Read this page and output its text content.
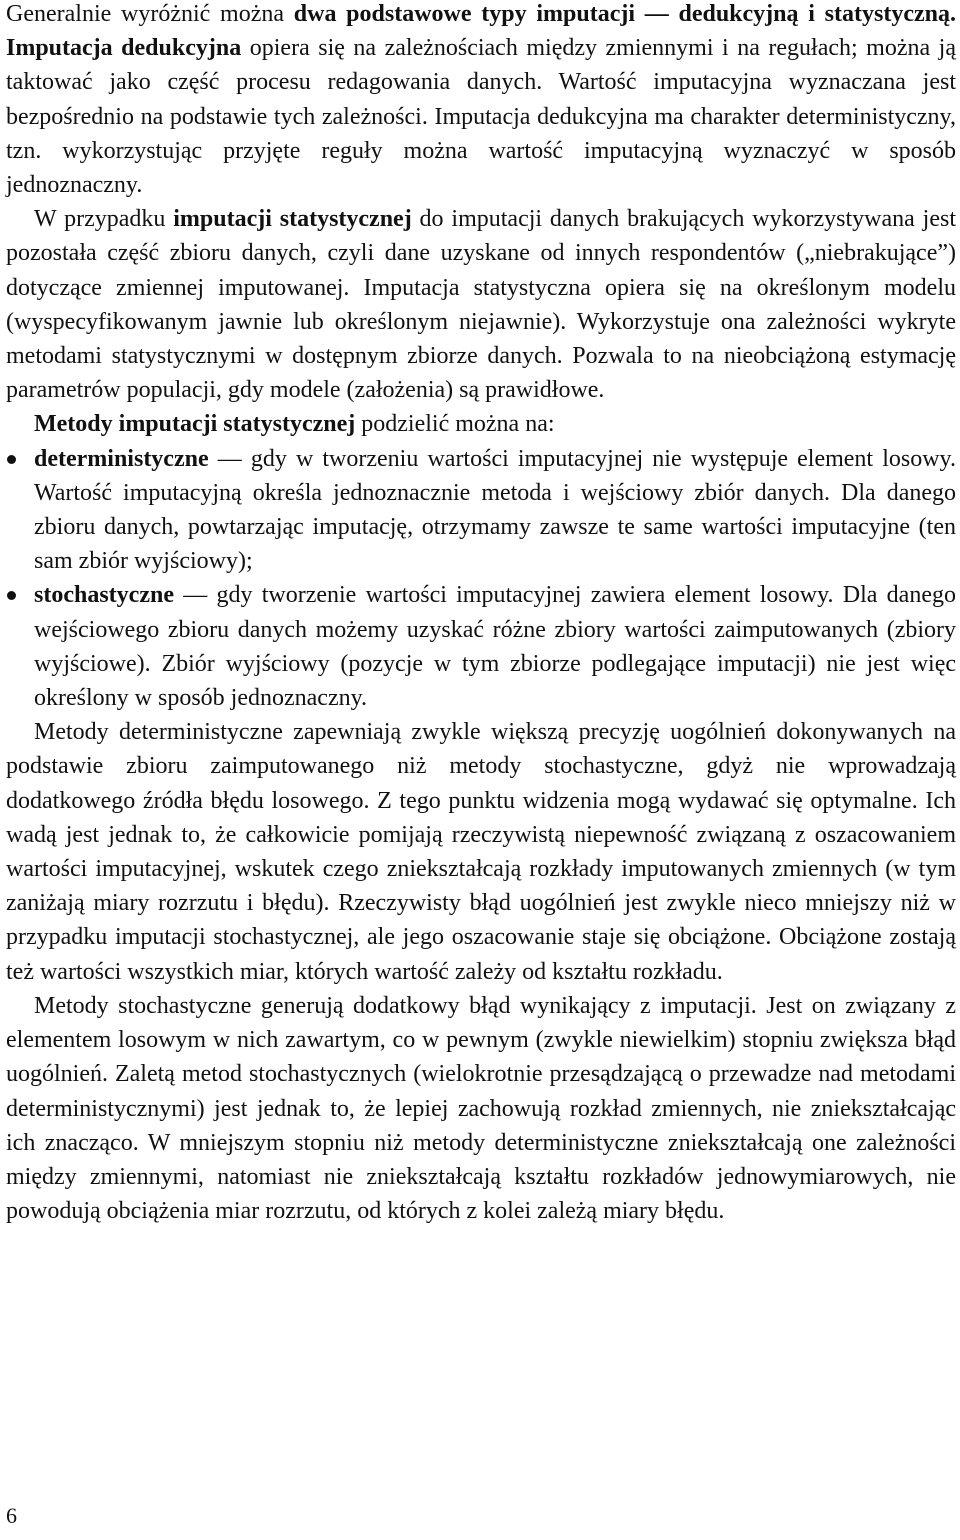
Generalnie wyróżnić można dwa podstawowe typy imputacji — dedukcyjną i statystyczną. Imputacja dedukcyjna opiera się na zależnościach między zmiennymi i na regułach; można ją taktować jako część procesu redagowania danych. Wartość imputacyjna wyznaczana jest bezpośrednio na podstawie tych zależności. Imputacja dedukcyjna ma charakter deterministyczny, tzn. wykorzystując przyjęte reguły można wartość imputacyjną wyznaczyć w sposób jednoznaczny.

W przypadku imputacji statystycznej do imputacji danych brakujących wykorzystywana jest pozostała część zbioru danych, czyli dane uzyskane od innych respondentów („niebrakujące”) dotyczące zmiennej imputowanej. Imputacja statystyczna opiera się na określonym modelu (wyspecyfikowanym jawnie lub określonym niejawnie). Wykorzystuje ona zależności wykryte metodami statystycznymi w dostępnym zbiorze danych. Pozwala to na nieobciążoną estymację parametrów populacji, gdy modele (założenia) są prawidłowe.

Metody imputacji statystycznej podzielić można na:

deterministyczne — gdy w tworzeniu wartości imputacyjnej nie występuje element losowy. Wartość imputacyjną określa jednoznacznie metoda i wejściowy zbiór danych. Dla danego zbioru danych, powtarzając imputację, otrzymamy zawsze te same wartości imputacyjne (ten sam zbiór wyjściowy);
stochastyczne — gdy tworzenie wartości imputacyjnej zawiera element losowy. Dla danego wejściowego zbioru danych możemy uzyskać różne zbiory wartości zaimputowanych (zbiory wyjściowe). Zbiór wyjściowy (pozycje w tym zbiorze podlegające imputacji) nie jest więc określony w sposób jednoznaczny.

Metody deterministyczne zapewniają zwykle większą precyzję uogólnień dokonywanych na podstawie zbioru zaimputowanego niż metody stochastyczne, gdyż nie wprowadzają dodatkowego źródła błędu losowego. Z tego punktu widzenia mogą wydawać się optymalne. Ich wadą jest jednak to, że całkowicie pomijają rzeczywistą niepewność związaną z oszacowaniem wartości imputacyjnej, wskutek czego zniekształcają rozkłady imputowanych zmiennych (w tym zaniżają miary rozrzutu i błędu). Rzeczywisty błąd uogólnień jest zwykle nieco mniejszy niż w przypadku imputacji stochastycznej, ale jego oszacowanie staje się obciążone. Obciążone zostają też wartości wszystkich miar, których wartość zależy od kształtu rozkładu.

Metody stochastyczne generują dodatkowy błąd wynikający z imputacji. Jest on związany z elementem losowym w nich zawartym, co w pewnym (zwykle niewielkim) stopniu zwiększa błąd uogólnień. Zaletą metod stochastycznych (wielokrotnie przesądzającą o przewadze nad metodami deterministycznymi) jest jednak to, że lepiej zachowują rozkład zmiennych, nie zniekształcając ich znacząco. W mniejszym stopniu niż metody deterministyczne zniekształcają one zależności między zmiennymi, natomiast nie zniekształcają kształtu rozkładów jednowymiarowych, nie powodują obciążenia miar rozrzutu, od których z kolei zależą miary błędu.

6
